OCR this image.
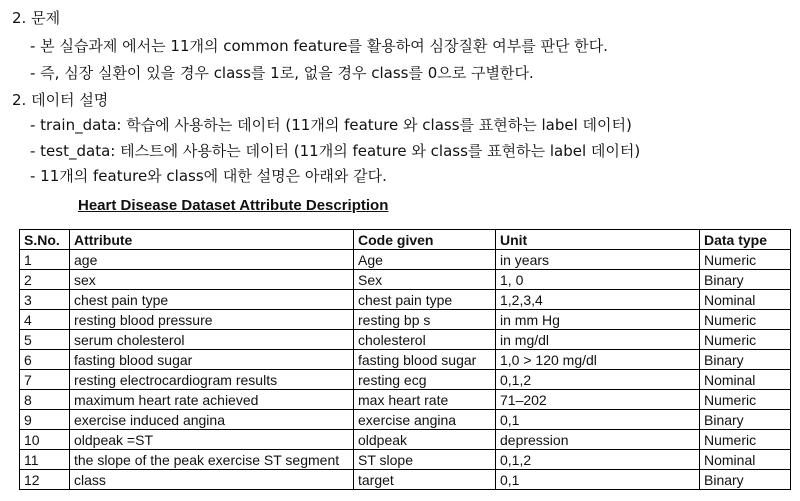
2. 문제
- 본 실습과제 에서는 11개의 common feature를 활용하여 심장질환 여부를 판단 한다.
- 즉, 심장 실환이 있을 경우 class를 1로, 없을 경우 class를 0으로 구별한다.
2. 데이터 설명
- train_data: 학습에 사용하는 데이터 (11개의 feature 와 class를 표현하는 label 데이터)
- test_data: 테스트에 사용하는 데이터 (11개의 feature 와 class를 표현하는 label 데이터)
- 11개의 feature와 class에 대한 설명은 아래와 같다.
Heart Disease Dataset Attribute Description
S.No.	Attribute	Code given	Unit	Data type
1	age	Age	in years	Numeric
2	sex	Sex	1, 0	Binary
3	chest pain type	chest pain type	1,2,3,4	Nominal
4	resting blood pressure	resting bp s	in mm Hg	Numeric
5	serum cholesterol	cholesterol	in mg/dl	Numeric
6	fasting blood sugar	fasting blood sugar	1,0 > 120 mg/dl	Binary
7	resting electrocardiogram results	resting ecg	0,1,2	Nominal
8	maximum heart rate achieved	max heart rate	71–202	Numeric
9	exercise induced angina	exercise angina	0,1	Binary
10	oldpeak =ST	oldpeak	depression	Numeric
11	the slope of the peak exercise ST segment	ST slope	0,1,2	Nominal
12	class	target	0,1	Binary
